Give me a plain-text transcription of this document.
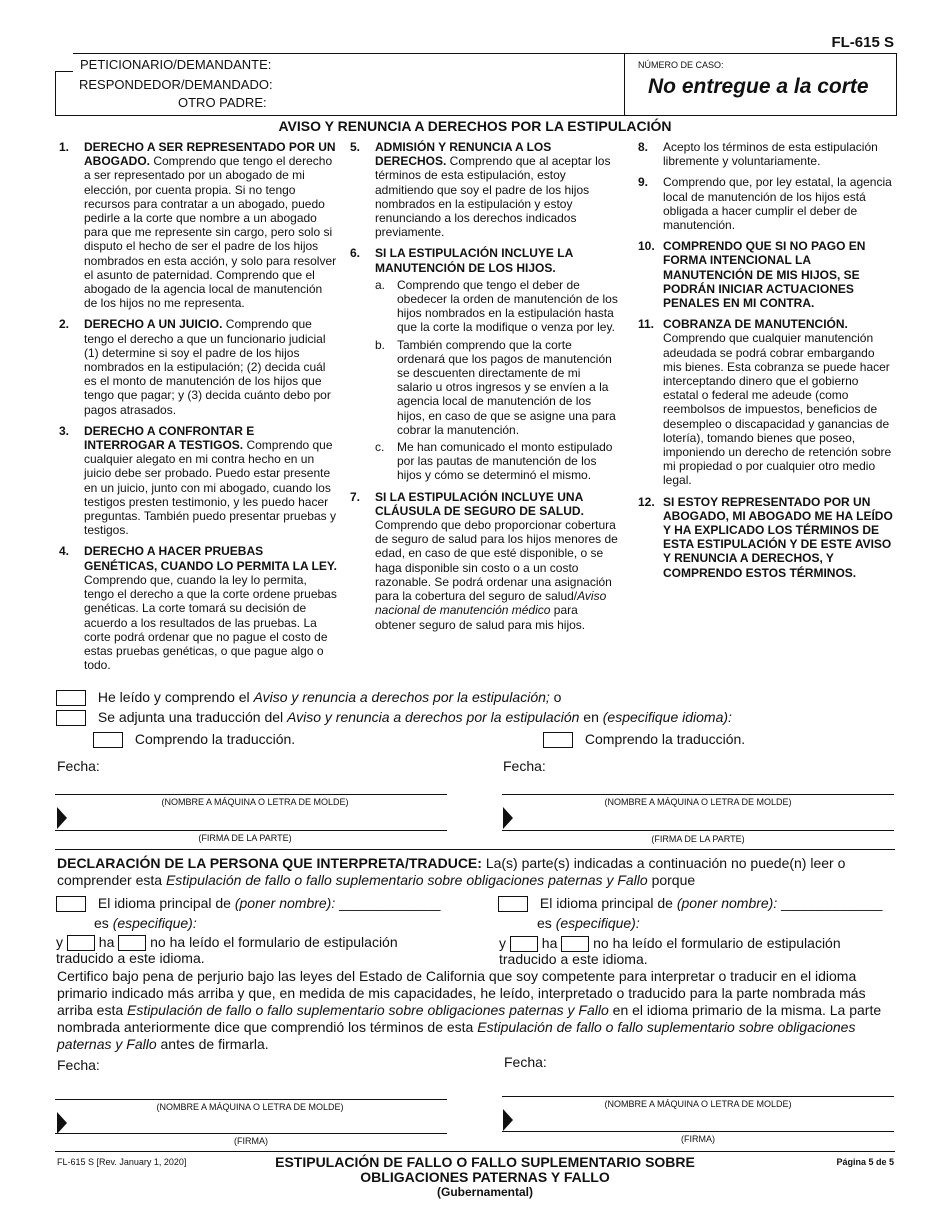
FL-615 S
PETICIONARIO/DEMANDANTE:
RESPONDEDOR/DEMANDADO:
OTRO PADRE:
NÚMERO DE CASO:
No entregue a la corte
AVISO Y RENUNCIA A DERECHOS POR LA ESTIPULACIÓN
1. DERECHO A SER REPRESENTADO POR UN ABOGADO. Comprendo que tengo el derecho a ser representado por un abogado de mi elección, por cuenta propia. Si no tengo recursos para contratar a un abogado, puedo pedirle a la corte que nombre a un abogado para que me represente sin cargo, pero solo si disputo el hecho de ser el padre de los hijos nombrados en esta acción, y solo para resolver el asunto de paternidad. Comprendo que el abogado de la agencia local de manutención de los hijos no me representa.
2. DERECHO A UN JUICIO. Comprendo que tengo el derecho a que un funcionario judicial (1) determine si soy el padre de los hijos nombrados en la estipulación; (2) decida cuál es el monto de manutención de los hijos que tengo que pagar; y (3) decida cuánto debo por pagos atrasados.
3. DERECHO A CONFRONTAR E INTERROGAR A TESTIGOS. Comprendo que cualquier alegato en mi contra hecho en un juicio debe ser probado. Puedo estar presente en un juicio, junto con mi abogado, cuando los testigos presten testimonio, y les puedo hacer preguntas. También puedo presentar pruebas y testigos.
4. DERECHO A HACER PRUEBAS GENÉTICAS, CUANDO LO PERMITA LA LEY. Comprendo que, cuando la ley lo permita, tengo el derecho a que la corte ordene pruebas genéticas. La corte tomará su decisión de acuerdo a los resultados de las pruebas. La corte podrá ordenar que no pague el costo de estas pruebas genéticas, o que pague algo o todo.
5. ADMISIÓN Y RENUNCIA A LOS DERECHOS. Comprendo que al aceptar los términos de esta estipulación, estoy admitiendo que soy el padre de los hijos nombrados en la estipulación y estoy renunciando a los derechos indicados previamente.
6. SI LA ESTIPULACIÓN INCLUYE LA MANUTENCIÓN DE LOS HIJOS.
a. Comprendo que tengo el deber de obedecer la orden de manutención de los hijos nombrados en la estipulación hasta que la corte la modifique o venza por ley.
b. También comprendo que la corte ordenará que los pagos de manutención se descuenten directamente de mi salario u otros ingresos y se envíen a la agencia local de manutención de los hijos, en caso de que se asigne una para cobrar la manutención.
c. Me han comunicado el monto estipulado por las pautas de manutención de los hijos y cómo se determinó el mismo.
7. SI LA ESTIPULACIÓN INCLUYE UNA CLÁUSULA DE SEGURO DE SALUD. Comprendo que debo proporcionar cobertura de seguro de salud para los hijos menores de edad, en caso de que esté disponible, o se haga disponible sin costo o a un costo razonable. Se podrá ordenar una asignación para la cobertura del seguro de salud/Aviso nacional de manutención médico para obtener seguro de salud para mis hijos.
8. Acepto los términos de esta estipulación libremente y voluntariamente.
9. Comprendo que, por ley estatal, la agencia local de manutención de los hijos está obligada a hacer cumplir el deber de manutención.
10. COMPRENDO QUE SI NO PAGO EN FORMA INTENCIONAL LA MANUTENCIÓN DE MIS HIJOS, SE PODRÁN INICIAR ACTUACIONES PENALES EN MI CONTRA.
11. COBRANZA DE MANUTENCIÓN. Comprendo que cualquier manutención adeudada se podrá cobrar embargando mis bienes. Esta cobranza se puede hacer interceptando dinero que el gobierno estatal o federal me adeude (como reembolsos de impuestos, beneficios de desempleo o discapacidad y ganancias de lotería), tomando bienes que poseo, imponiendo un derecho de retención sobre mi propiedad o por cualquier otro medio legal.
12. SI ESTOY REPRESENTADO POR UN ABOGADO, MI ABOGADO ME HA LEÍDO Y HA EXPLICADO LOS TÉRMINOS DE ESTA ESTIPULACIÓN Y DE ESTE AVISO Y RENUNCIA A DERECHOS, Y COMPRENDO ESTOS TÉRMINOS.
He leído y comprendo el Aviso y renuncia a derechos por la estipulación; o
Se adjunta una traducción del Aviso y renuncia a derechos por la estipulación en (especifique idioma):
Comprendo la traducción.	Comprendo la traducción.
Fecha:	Fecha:
(NOMBRE A MÁQUINA O LETRA DE MOLDE)	(NOMBRE A MÁQUINA O LETRA DE MOLDE)
(FIRMA DE LA PARTE)	(FIRMA DE LA PARTE)
DECLARACIÓN DE LA PERSONA QUE INTERPRETA/TRADUCE: La(s) parte(s) indicadas a continuación no puede(n) leer o comprender esta Estipulación de fallo o fallo suplementario sobre obligaciones paternas y Fallo porque
El idioma principal de (poner nombre): _____________
es (especifique):
y	ha	no ha leído el formulario de estipulación
traducido a este idioma.
El idioma principal de (poner nombre): _____________
es (especifique):
y	ha	no ha leído el formulario de estipulación
traducido a este idioma.
Certifico bajo pena de perjurio bajo las leyes del Estado de California que soy competente para interpretar o traducir en el idioma primario indicado más arriba y que, en medida de mis capacidades, he leído, interpretado o traducido para la parte nombrada más arriba esta Estipulación de fallo o fallo suplementario sobre obligaciones paternas y Fallo en el idioma primario de la misma. La parte nombrada anteriormente dice que comprendió los términos de esta Estipulación de fallo o fallo suplementario sobre obligaciones paternas y Fallo antes de firmarla.
Fecha:	Fecha:
(NOMBRE A MÁQUINA O LETRA DE MOLDE)	(NOMBRE A MÁQUINA O LETRA DE MOLDE)
(FIRMA)	(FIRMA)
FL-615 S [Rev. January 1, 2020]	ESTIPULACIÓN DE FALLO O FALLO SUPLEMENTARIO SOBRE
OBLIGACIONES PATERNAS Y FALLO
(Gubernamental)
Página 5 de 5
